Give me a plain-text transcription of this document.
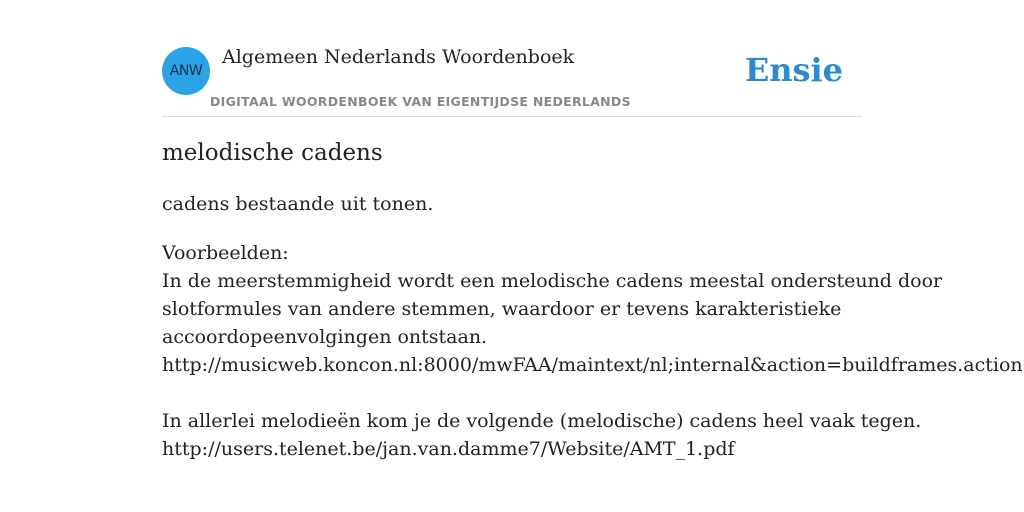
ANW
Algemeen Nederlands Woordenboek
DIGITAAL WOORDENBOEK VAN EIGENTIJDSE NEDERLANDS
Ensie
melodische cadens

cadens bestaande uit tonen.

Voorbeelden:

In de meerstemmigheid wordt een melodische cadens meestal ondersteund door slotformules van andere stemmen, waardoor er tevens karakteristieke accoordopeenvolgingen ontstaan.

http://musicweb.koncon.nl:8000/mwFAA/maintext/nl;internal&action=buildframes.action

In allerlei melodieën kom je de volgende (melodische) cadens heel vaak tegen.

http://users.telenet.be/jan.van.damme7/Website/AMT_1.pdf
